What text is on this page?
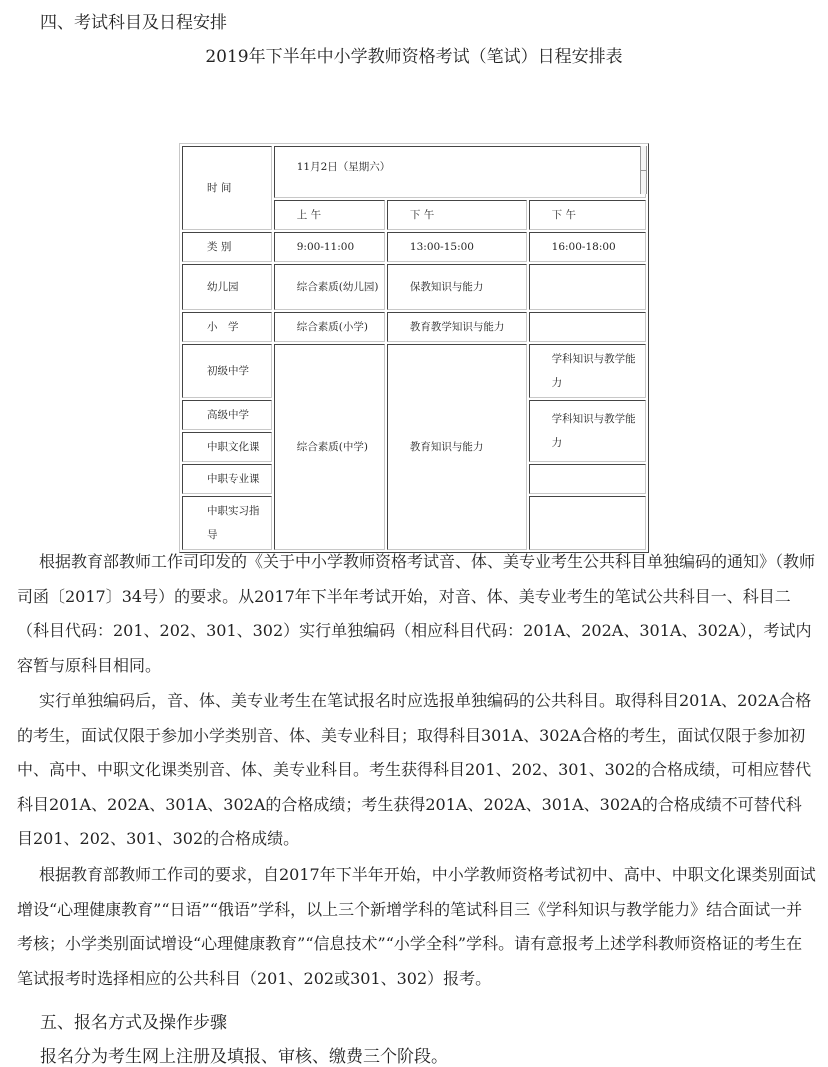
四、考试科目及日程安排
2019年下半年中小学教师资格考试（笔试）日程安排表
时 间	11月2日（星期六）		
	上 午	下 午	下 午
类 别	9:00-11:00	13:00-15:00	16:00-18:00
幼儿园	综合素质(幼儿园)	保教知识与能力	
小　学	综合素质(小学)	教育教学知识与能力	
初级中学	综合素质(中学)	教育知识与能力	学科知识与教学能力
高级中学			学科知识与教学能力
中职文化课			
中职专业课			
中职实习指导			

根据教育部教师工作司印发的《关于中小学教师资格考试音、体、美专业考生公共科目单独编码的通知》（教师司函〔2017〕34号）的要求。从2017年下半年考试开始，对音、体、美专业考生的笔试公共科目一、科目二（科目代码：201、202、301、302）实行单独编码（相应科目代码：201A、202A、301A、302A），考试内容暂与原科目相同。

实行单独编码后，音、体、美专业考生在笔试报名时应选报单独编码的公共科目。取得科目201A、202A合格的考生，面试仅限于参加小学类别音、体、美专业科目；取得科目301A、302A合格的考生，面试仅限于参加初中、高中、中职文化课类别音、体、美专业科目。考生获得科目201、202、301、302的合格成绩，可相应替代科目201A、202A、301A、302A的合格成绩；考生获得201A、202A、301A、302A的合格成绩不可替代科目201、202、301、302的合格成绩。

根据教育部教师工作司的要求，自2017年下半年开始，中小学教师资格考试初中、高中、中职文化课类别面试增设“心理健康教育”“日语”“俄语”学科，以上三个新增学科的笔试科目三《学科知识与教学能力》结合面试一并考核；小学类别面试增设“心理健康教育”“信息技术”“小学全科”学科。请有意报考上述学科教师资格证的考生在笔试报考时选择相应的公共科目（201、202或301、302）报考。

五、报名方式及操作步骤
报名分为考生网上注册及填报、审核、缴费三个阶段。
